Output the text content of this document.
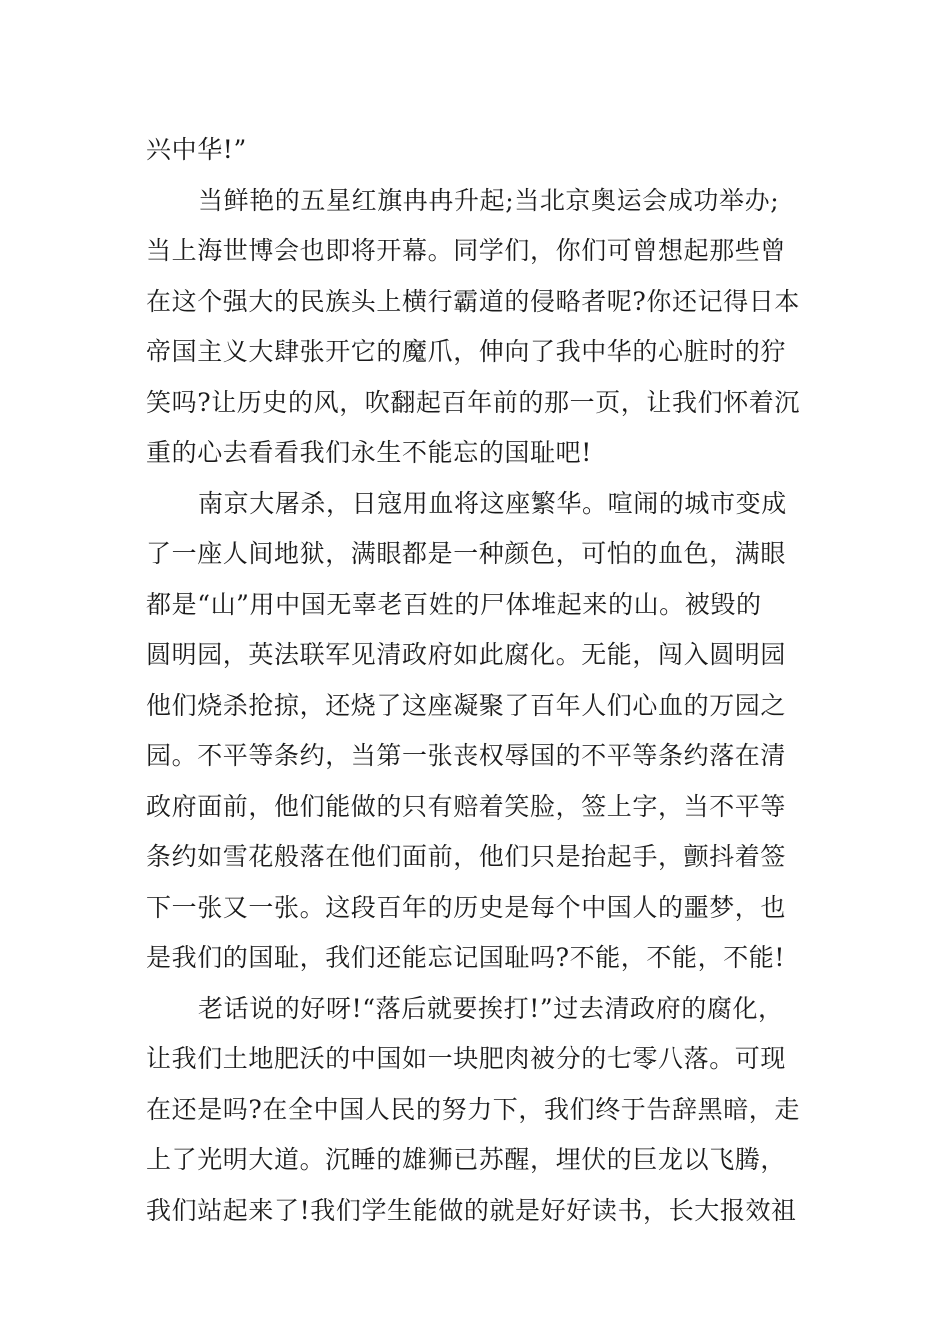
兴中华!”
当鲜艳的五星红旗冉冉升起;当北京奥运会成功举办;
当上海世博会也即将开幕。同学们，你们可曾想起那些曾
在这个强大的民族头上横行霸道的侵略者呢?你还记得日本
帝国主义大肆张开它的魔爪，伸向了我中华的心脏时的狞
笑吗?让历史的风，吹翻起百年前的那一页，让我们怀着沉
重的心去看看我们永生不能忘的国耻吧!
南京大屠杀，日寇用血将这座繁华。喧闹的城市变成
了一座人间地狱，满眼都是一种颜色，可怕的血色，满眼
都是“山”用中国无辜老百姓的尸体堆起来的山。被毁的
圆明园，英法联军见清政府如此腐化。无能，闯入圆明园
他们烧杀抢掠，还烧了这座凝聚了百年人们心血的万园之
园。不平等条约，当第一张丧权辱国的不平等条约落在清
政府面前，他们能做的只有赔着笑脸，签上字，当不平等
条约如雪花般落在他们面前，他们只是抬起手，颤抖着签
下一张又一张。这段百年的历史是每个中国人的噩梦，也
是我们的国耻，我们还能忘记国耻吗?不能，不能，不能!
老话说的好呀!“落后就要挨打!”过去清政府的腐化，
让我们土地肥沃的中国如一块肥肉被分的七零八落。可现
在还是吗?在全中国人民的努力下，我们终于告辞黑暗，走
上了光明大道。沉睡的雄狮已苏醒，埋伏的巨龙以飞腾，
我们站起来了!我们学生能做的就是好好读书，长大报效祖
